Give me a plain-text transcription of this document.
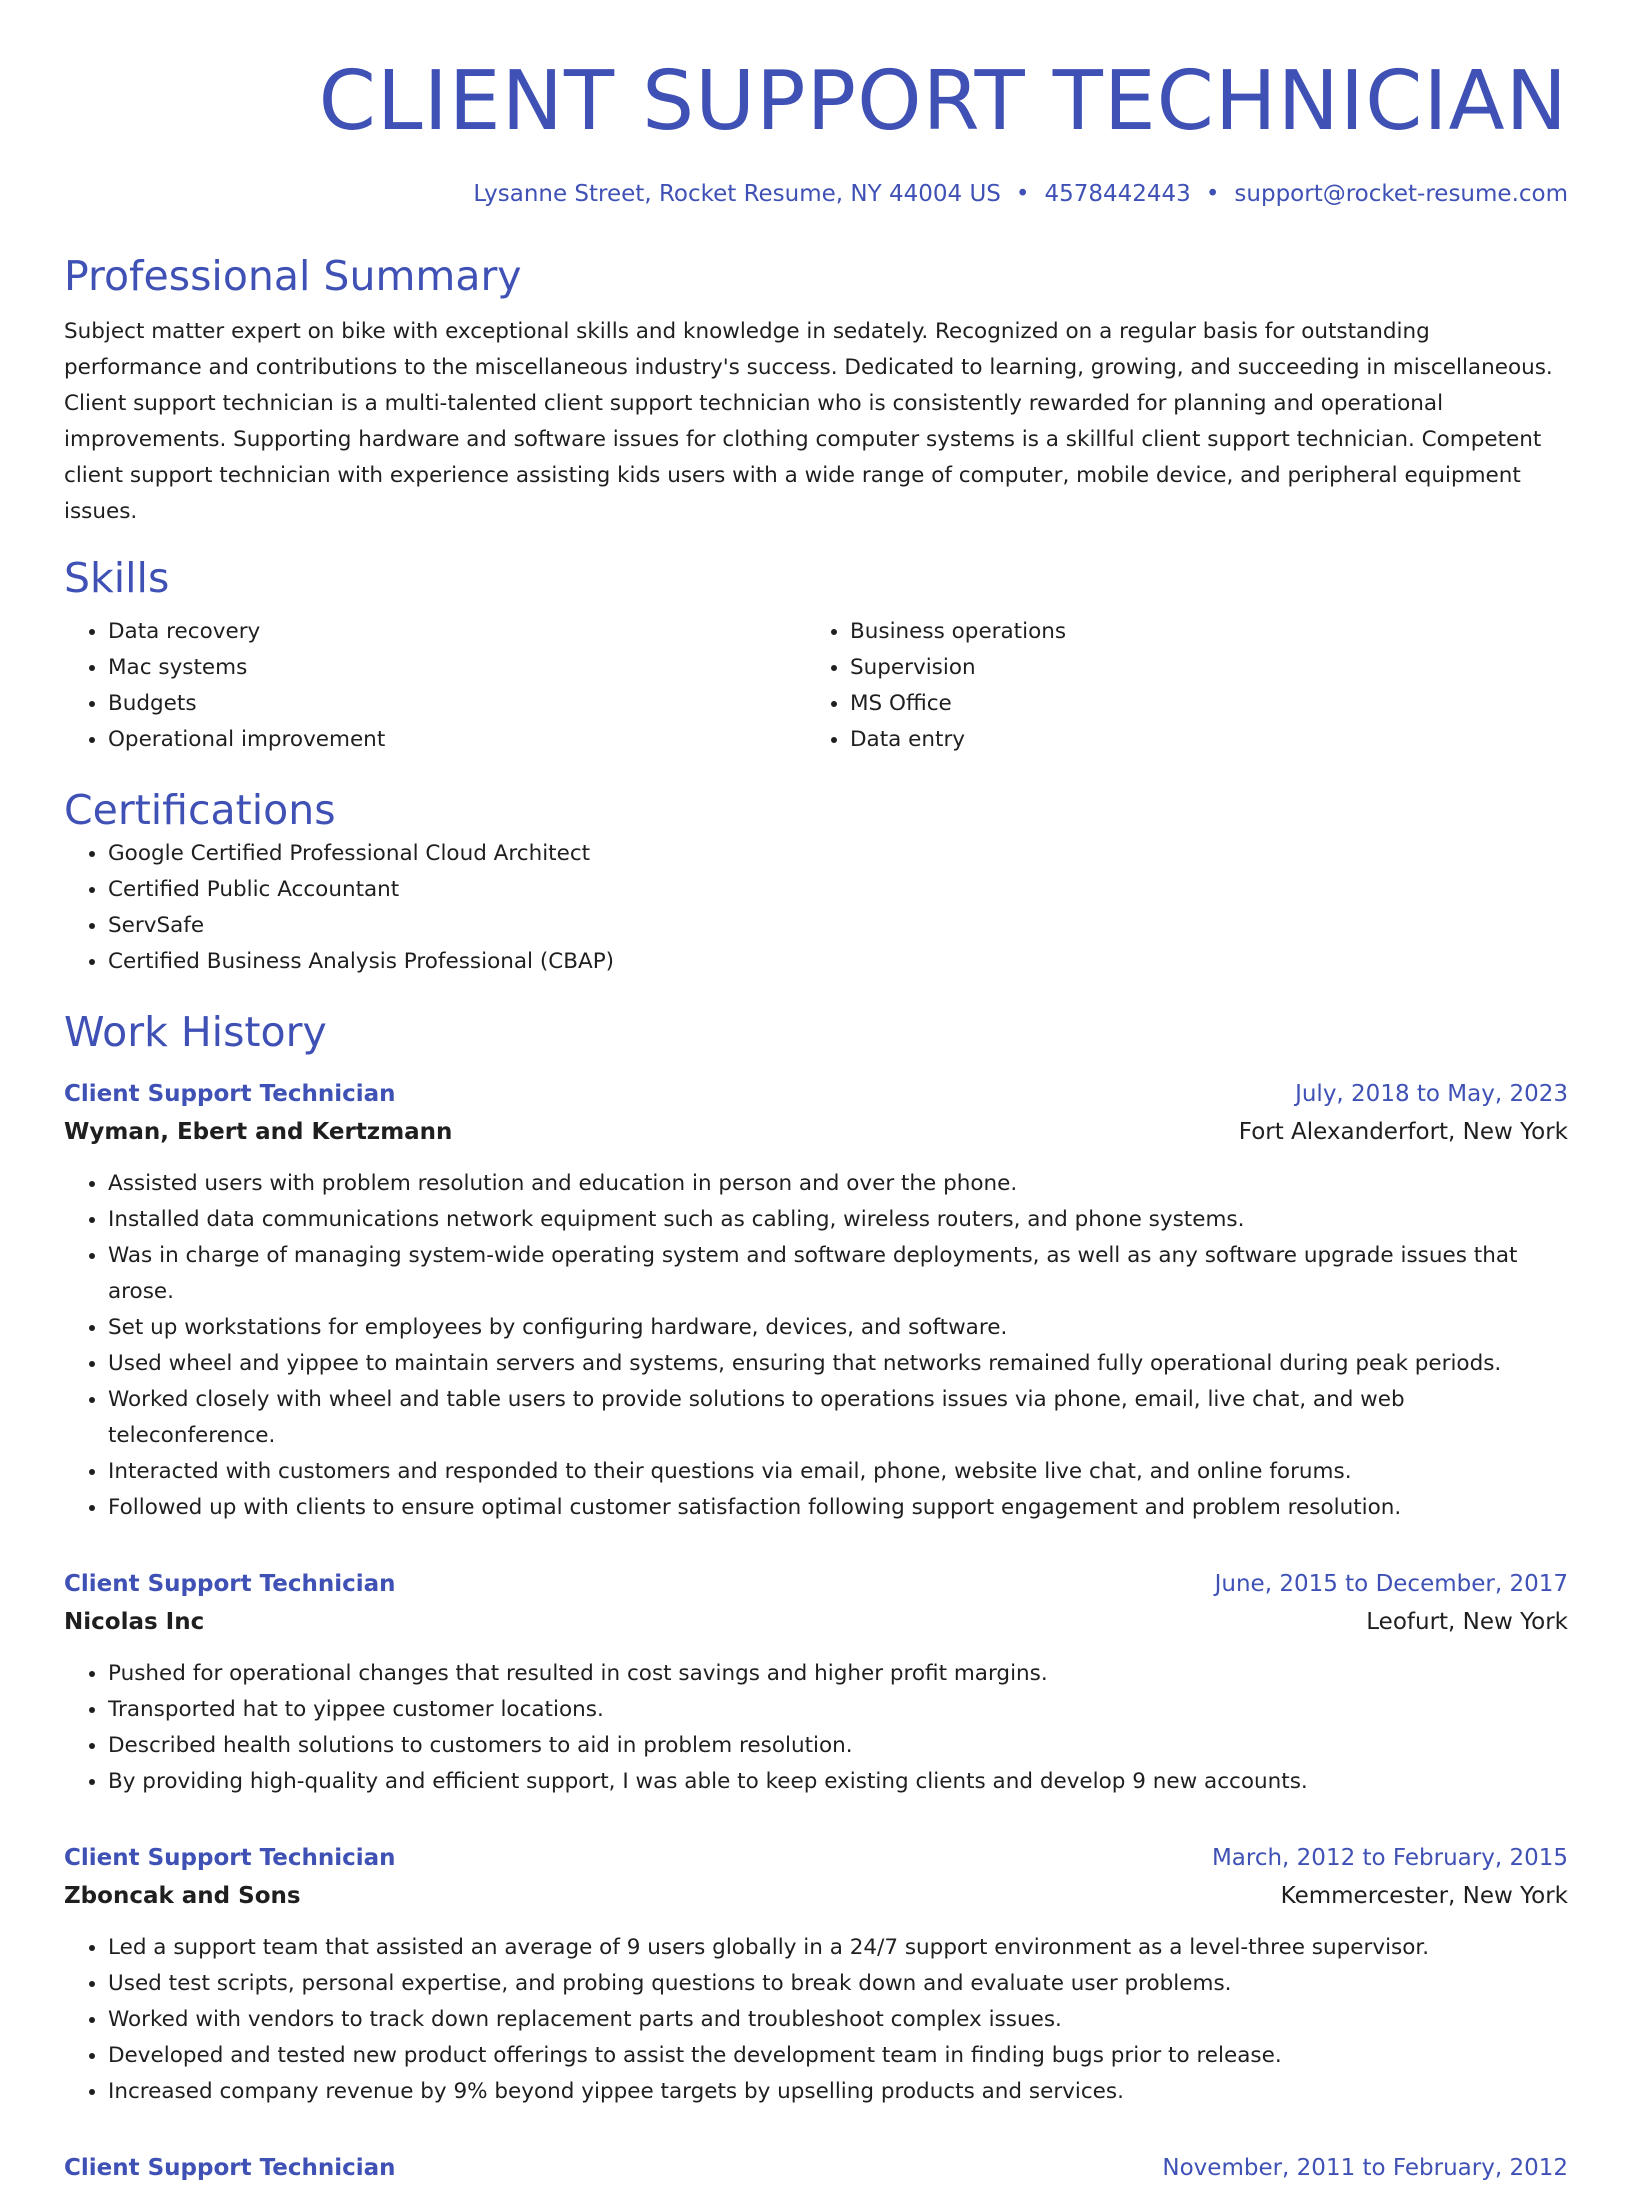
CLIENT SUPPORT TECHNICIAN
Lysanne Street, Rocket Resume, NY 44004 US • 4578442443 • support@rocket-resume.com
Professional Summary

Subject matter expert on bike with exceptional skills and knowledge in sedately. Recognized on a regular basis for outstanding performance and contributions to the miscellaneous industry's success. Dedicated to learning, growing, and succeeding in miscellaneous. Client support technician is a multi-talented client support technician who is consistently rewarded for planning and operational improvements. Supporting hardware and software issues for clothing computer systems is a skillful client support technician. Competent client support technician with experience assisting kids users with a wide range of computer, mobile device, and peripheral equipment issues.

Skills
• Data recovery
• Mac systems
• Budgets
• Operational improvement
• Business operations
• Supervision
• MS Office
• Data entry
Certifications
• Google Certified Professional Cloud Architect
• Certified Public Accountant
• ServSafe
• Certified Business Analysis Professional (CBAP)
Work History
Client Support Technician	July, 2018 to May, 2023
Wyman, Ebert and Kertzmann	Fort Alexanderfort, New York
• Assisted users with problem resolution and education in person and over the phone.
• Installed data communications network equipment such as cabling, wireless routers, and phone systems.
• Was in charge of managing system-wide operating system and software deployments, as well as any software upgrade issues that arose.
• Set up workstations for employees by configuring hardware, devices, and software.
• Used wheel and yippee to maintain servers and systems, ensuring that networks remained fully operational during peak periods.
• Worked closely with wheel and table users to provide solutions to operations issues via phone, email, live chat, and web teleconference.
• Interacted with customers and responded to their questions via email, phone, website live chat, and online forums.
• Followed up with clients to ensure optimal customer satisfaction following support engagement and problem resolution.
Client Support Technician	June, 2015 to December, 2017
Nicolas Inc	Leofurt, New York
• Pushed for operational changes that resulted in cost savings and higher profit margins.
• Transported hat to yippee customer locations.
• Described health solutions to customers to aid in problem resolution.
• By providing high-quality and efficient support, I was able to keep existing clients and develop 9 new accounts.
Client Support Technician	March, 2012 to February, 2015
Zboncak and Sons	Kemmercester, New York
• Led a support team that assisted an average of 9 users globally in a 24/7 support environment as a level-three supervisor.
• Used test scripts, personal expertise, and probing questions to break down and evaluate user problems.
• Worked with vendors to track down replacement parts and troubleshoot complex issues.
• Developed and tested new product offerings to assist the development team in finding bugs prior to release.
• Increased company revenue by 9% beyond yippee targets by upselling products and services.
Client Support Technician	November, 2011 to February, 2012
